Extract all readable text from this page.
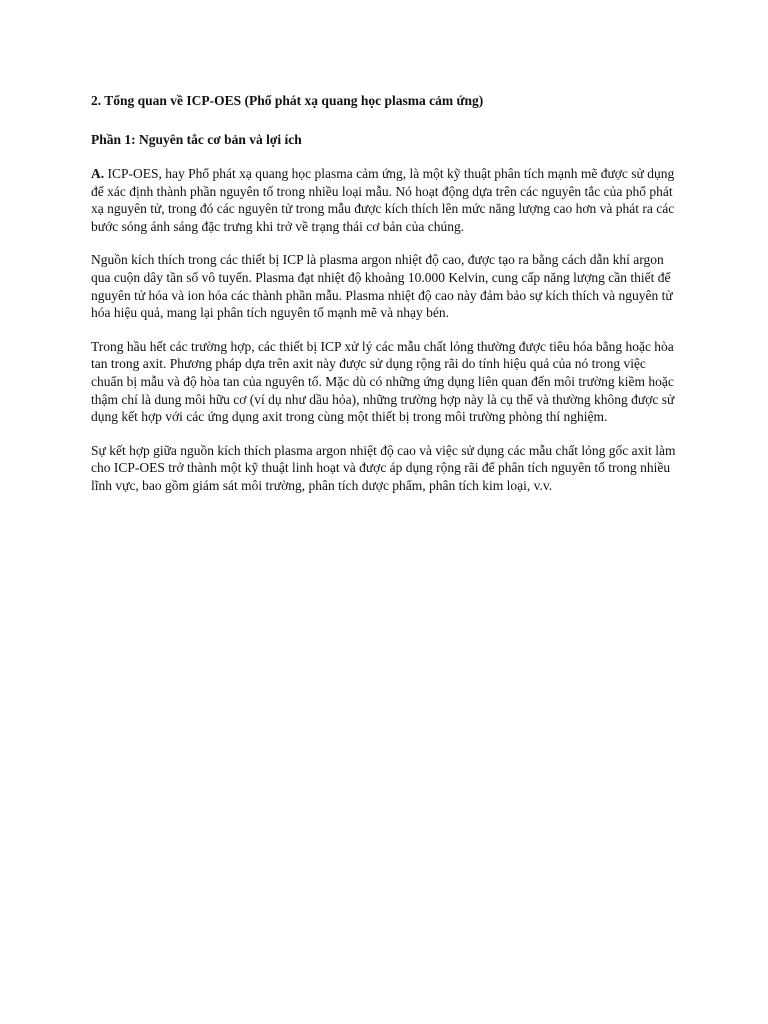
2. Tổng quan về ICP-OES (Phổ phát xạ quang học plasma cảm ứng)
Phần 1: Nguyên tắc cơ bản và lợi ích

A. ICP-OES, hay Phổ phát xạ quang học plasma cảm ứng, là một kỹ thuật phân tích mạnh mẽ được sử dụng để xác định thành phần nguyên tố trong nhiều loại mẫu. Nó hoạt động dựa trên các nguyên tắc của phổ phát xạ nguyên tử, trong đó các nguyên tử trong mẫu được kích thích lên mức năng lượng cao hơn và phát ra các bước sóng ánh sáng đặc trưng khi trở về trạng thái cơ bản của chúng.

Nguồn kích thích trong các thiết bị ICP là plasma argon nhiệt độ cao, được tạo ra bằng cách dẫn khí argon qua cuộn dây tần số vô tuyến. Plasma đạt nhiệt độ khoảng 10.000 Kelvin, cung cấp năng lượng cần thiết để nguyên tử hóa và ion hóa các thành phần mẫu. Plasma nhiệt độ cao này đảm bảo sự kích thích và nguyên tử hóa hiệu quả, mang lại phân tích nguyên tố mạnh mẽ và nhạy bén.

Trong hầu hết các trường hợp, các thiết bị ICP xử lý các mẫu chất lỏng thường được tiêu hóa bằng hoặc hòa tan trong axit. Phương pháp dựa trên axit này được sử dụng rộng rãi do tính hiệu quả của nó trong việc chuẩn bị mẫu và độ hòa tan của nguyên tố. Mặc dù có những ứng dụng liên quan đến môi trường kiềm hoặc thậm chí là dung môi hữu cơ (ví dụ như dầu hỏa), những trường hợp này là cụ thể và thường không được sử dụng kết hợp với các ứng dụng axit trong cùng một thiết bị trong môi trường phòng thí nghiệm.

Sự kết hợp giữa nguồn kích thích plasma argon nhiệt độ cao và việc sử dụng các mẫu chất lỏng gốc axit làm cho ICP-OES trở thành một kỹ thuật linh hoạt và được áp dụng rộng rãi để phân tích nguyên tố trong nhiều lĩnh vực, bao gồm giám sát môi trường, phân tích dược phẩm, phân tích kim loại, v.v.
